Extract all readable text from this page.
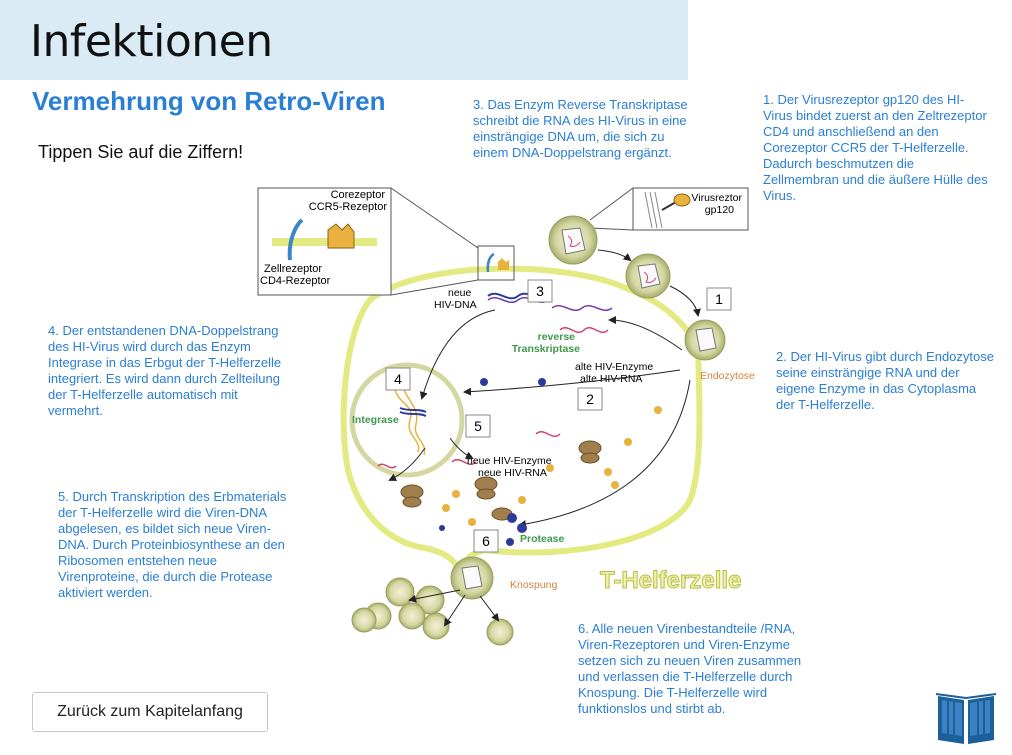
Infektionen
Vermehrung von Retro-Viren
Tippen Sie auf die Ziffern!
1. Der Virusrezeptor gp120 des HI-Virus bindet zuerst an den Zeltrezeptor CD4 und anschließend an den Corezeptor CCR5 der T-Helferzelle. Dadurch beschmutzen die Zellmembran und die äußere Hülle des Virus.
2. Der HI-Virus gibt durch Endozytose seine einsträngige RNA und der eigene Enzyme in das Cytoplasma der T-Helferzelle.
3. Das Enzym Reverse Transkriptase schreibt die RNA des HI-Virus in eine einsträngige DNA um, die sich zu einem DNA-Doppelstrang ergänzt.
4. Der entstandenen DNA-Doppelstrang des HI-Virus wird durch das Enzym Integrase in das Erbgut der T-Helferzelle integriert. Es wird dann durch Zellteilung der T-Helferzelle automatisch mit vermehrt.
5. Durch Transkription des Erbmaterials der T-Helferzelle wird die Viren-DNA abgelesen, es bildet sich neue Viren-DNA. Durch Proteinbiosynthese an den Ribosomen entstehen neue Virenproteine, die durch die Protease aktiviert werden.
6. Alle neuen Virenbestandteile /RNA, Viren-Rezeptoren und Viren-Enzyme setzen sich zu neuen Viren zusammen und verlassen die T-Helferzelle durch Knospung. Die T-Helferzelle wird funktionslos und stirbt ab.
Corezeptor
CCR5-Rezeptor
Zellrezeptor
CD4-Rezeptor
Virusreztor
gp120
Integrase
neue
HIV-DNA
reverse
Transkriptase
alte HIV-Enzyme
alte HIV-RNA	Endozytose
neue HIV-Enzyme
neue HIV-RNA
Protease
Knospung T-Helferzelle
1
2
3
4
5
6
Zurück zum Kapitelanfang
